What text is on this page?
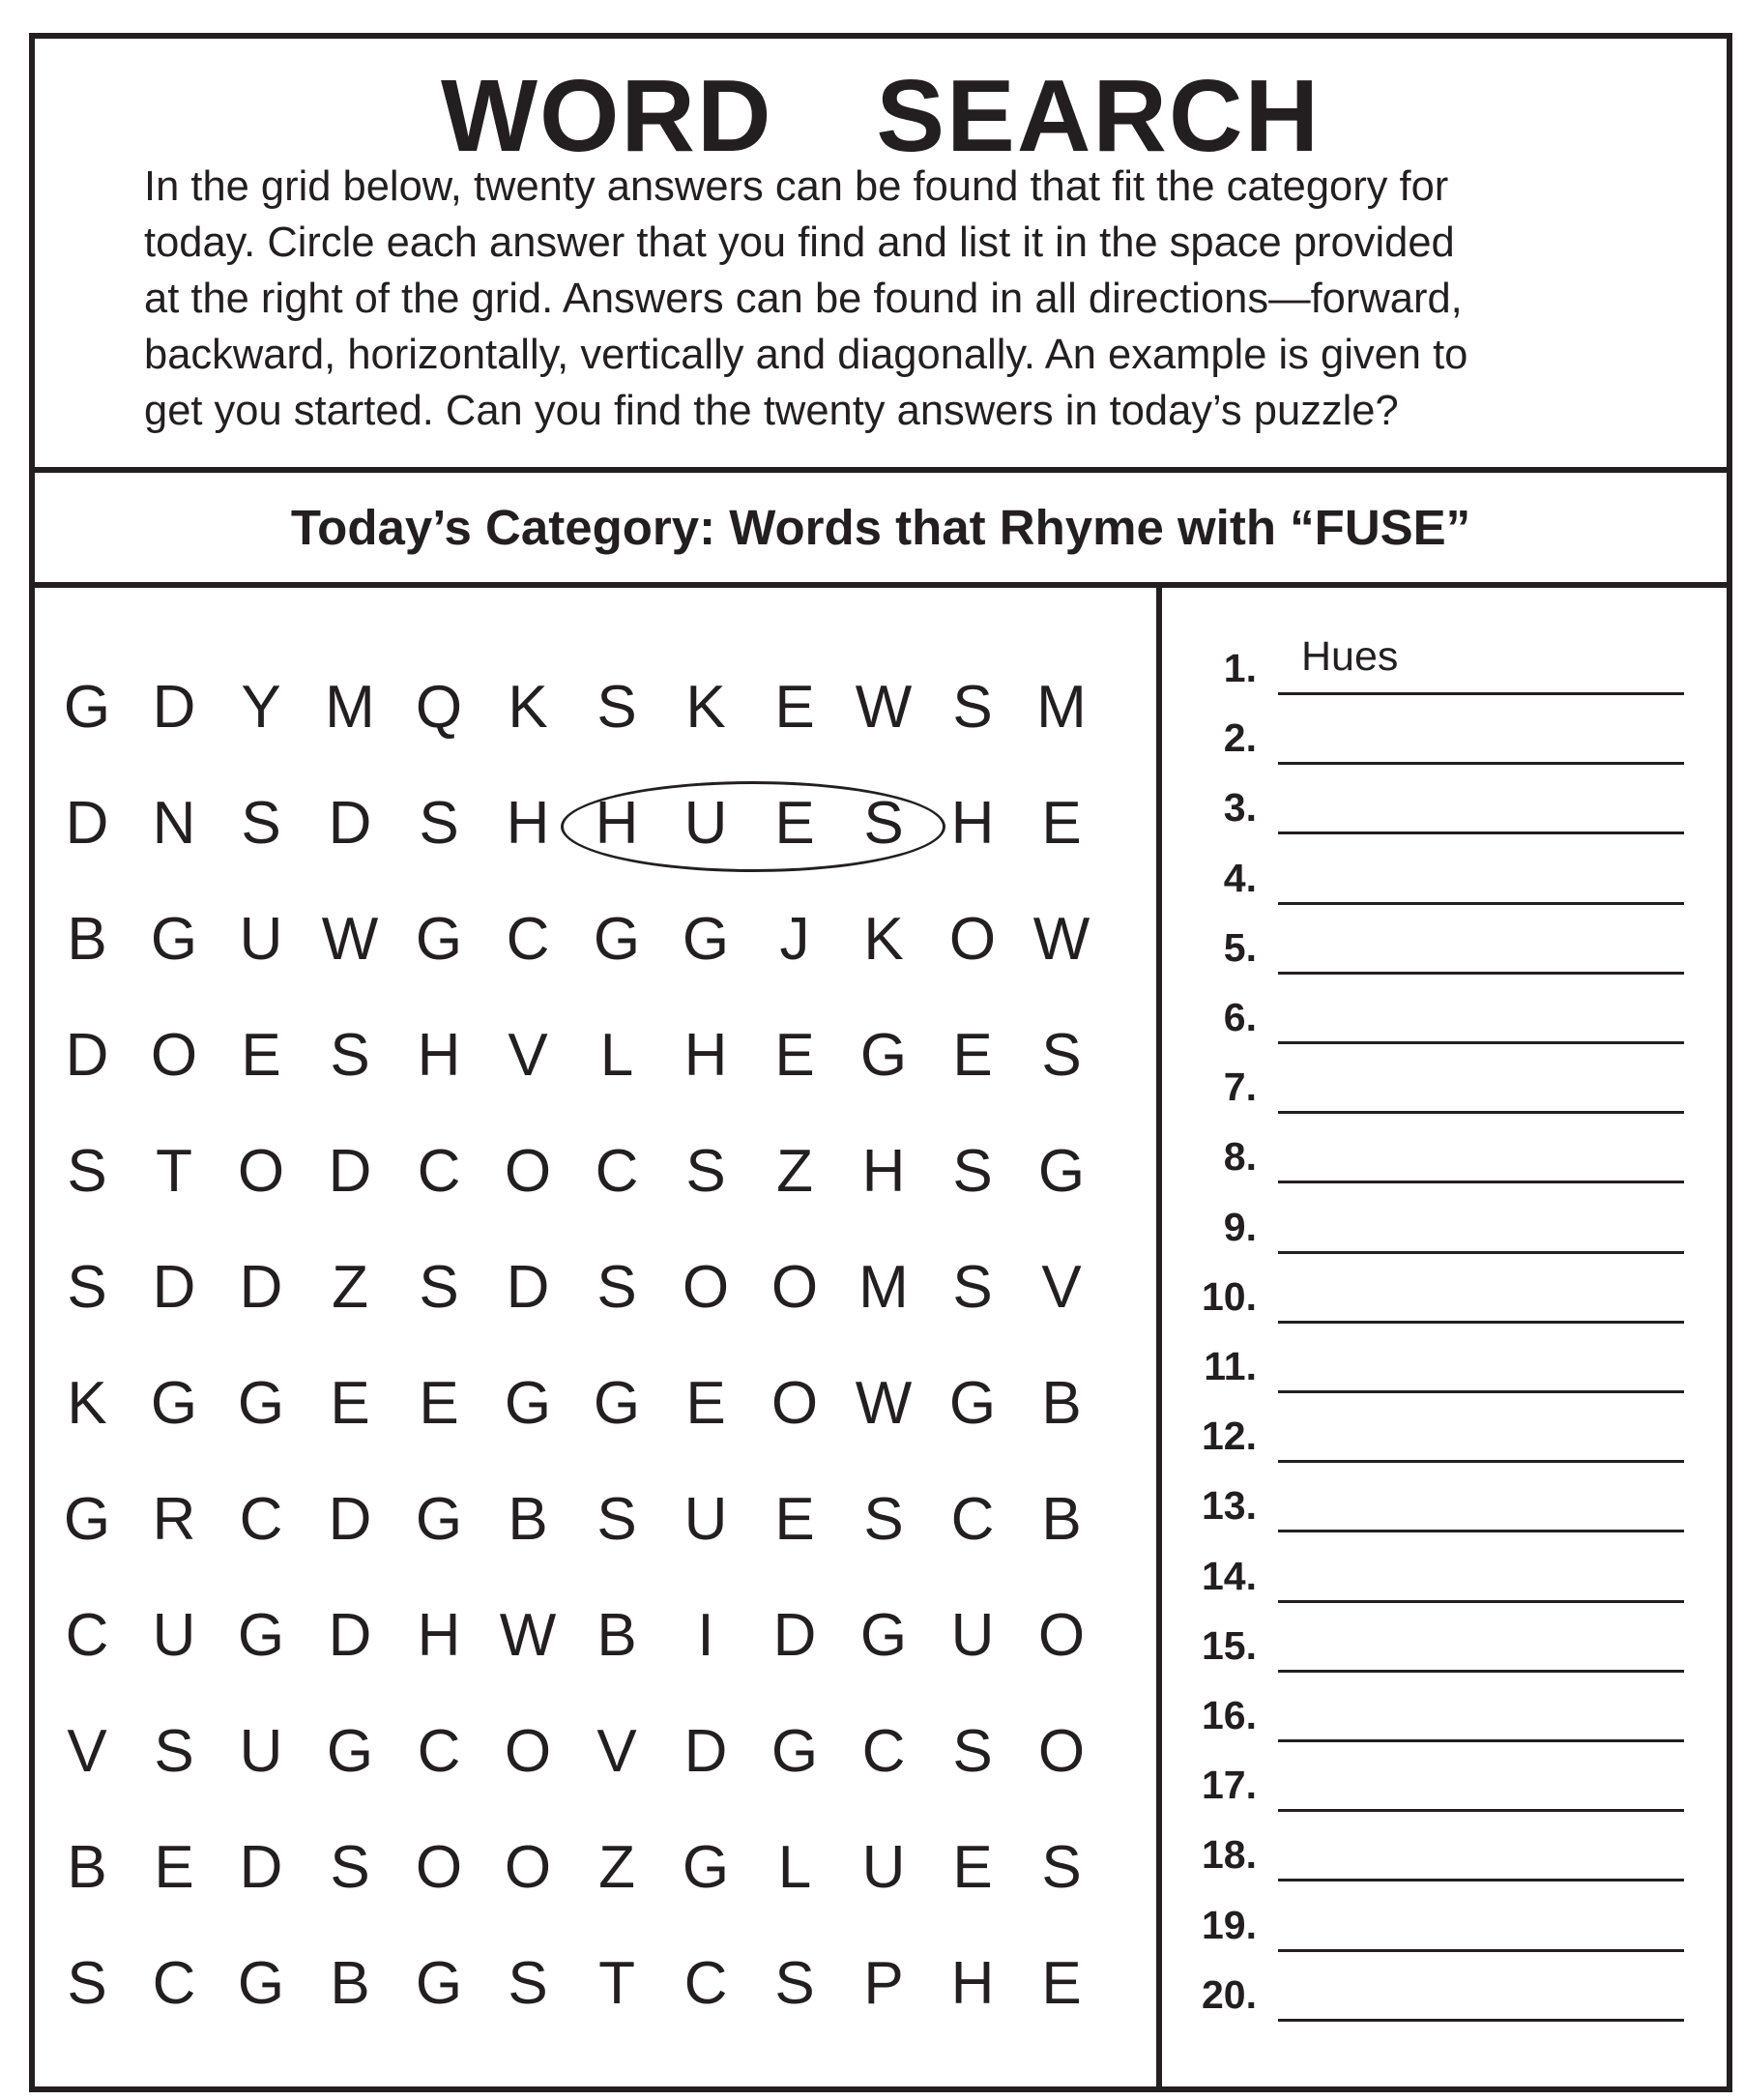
WORD  SEARCH
In the grid below, twenty answers can be found that fit the category for
today. Circle each answer that you find and list it in the space provided
at the right of the grid. Answers can be found in all directions—forward,
backward, horizontally, vertically and diagonally. An example is given to
get you started. Can you find the twenty answers in today’s puzzle?
Today’s Category: Words that Rhyme with “FUSE”
G D Y M Q K S K E W S M
D N S D S H H U E S H E
B G U W G C G G J K O W
D O E S H V L H E G E S
S T O D C O C S Z H S G
S D D Z S D S O O M S V
K G G E E G G E O W G B
G R C D G B S U E S C B
C U G D H W B	I D G U O
V S U G C O V D G C S O
B E D S O O Z G L U E S
S C G B G S T C S P H E
1. Hues
2.
3.
4.
5.
6.
7.
8.
9.
10.
11.
12.
13.
14.
15.
16.
17.
18.
19.
20.
